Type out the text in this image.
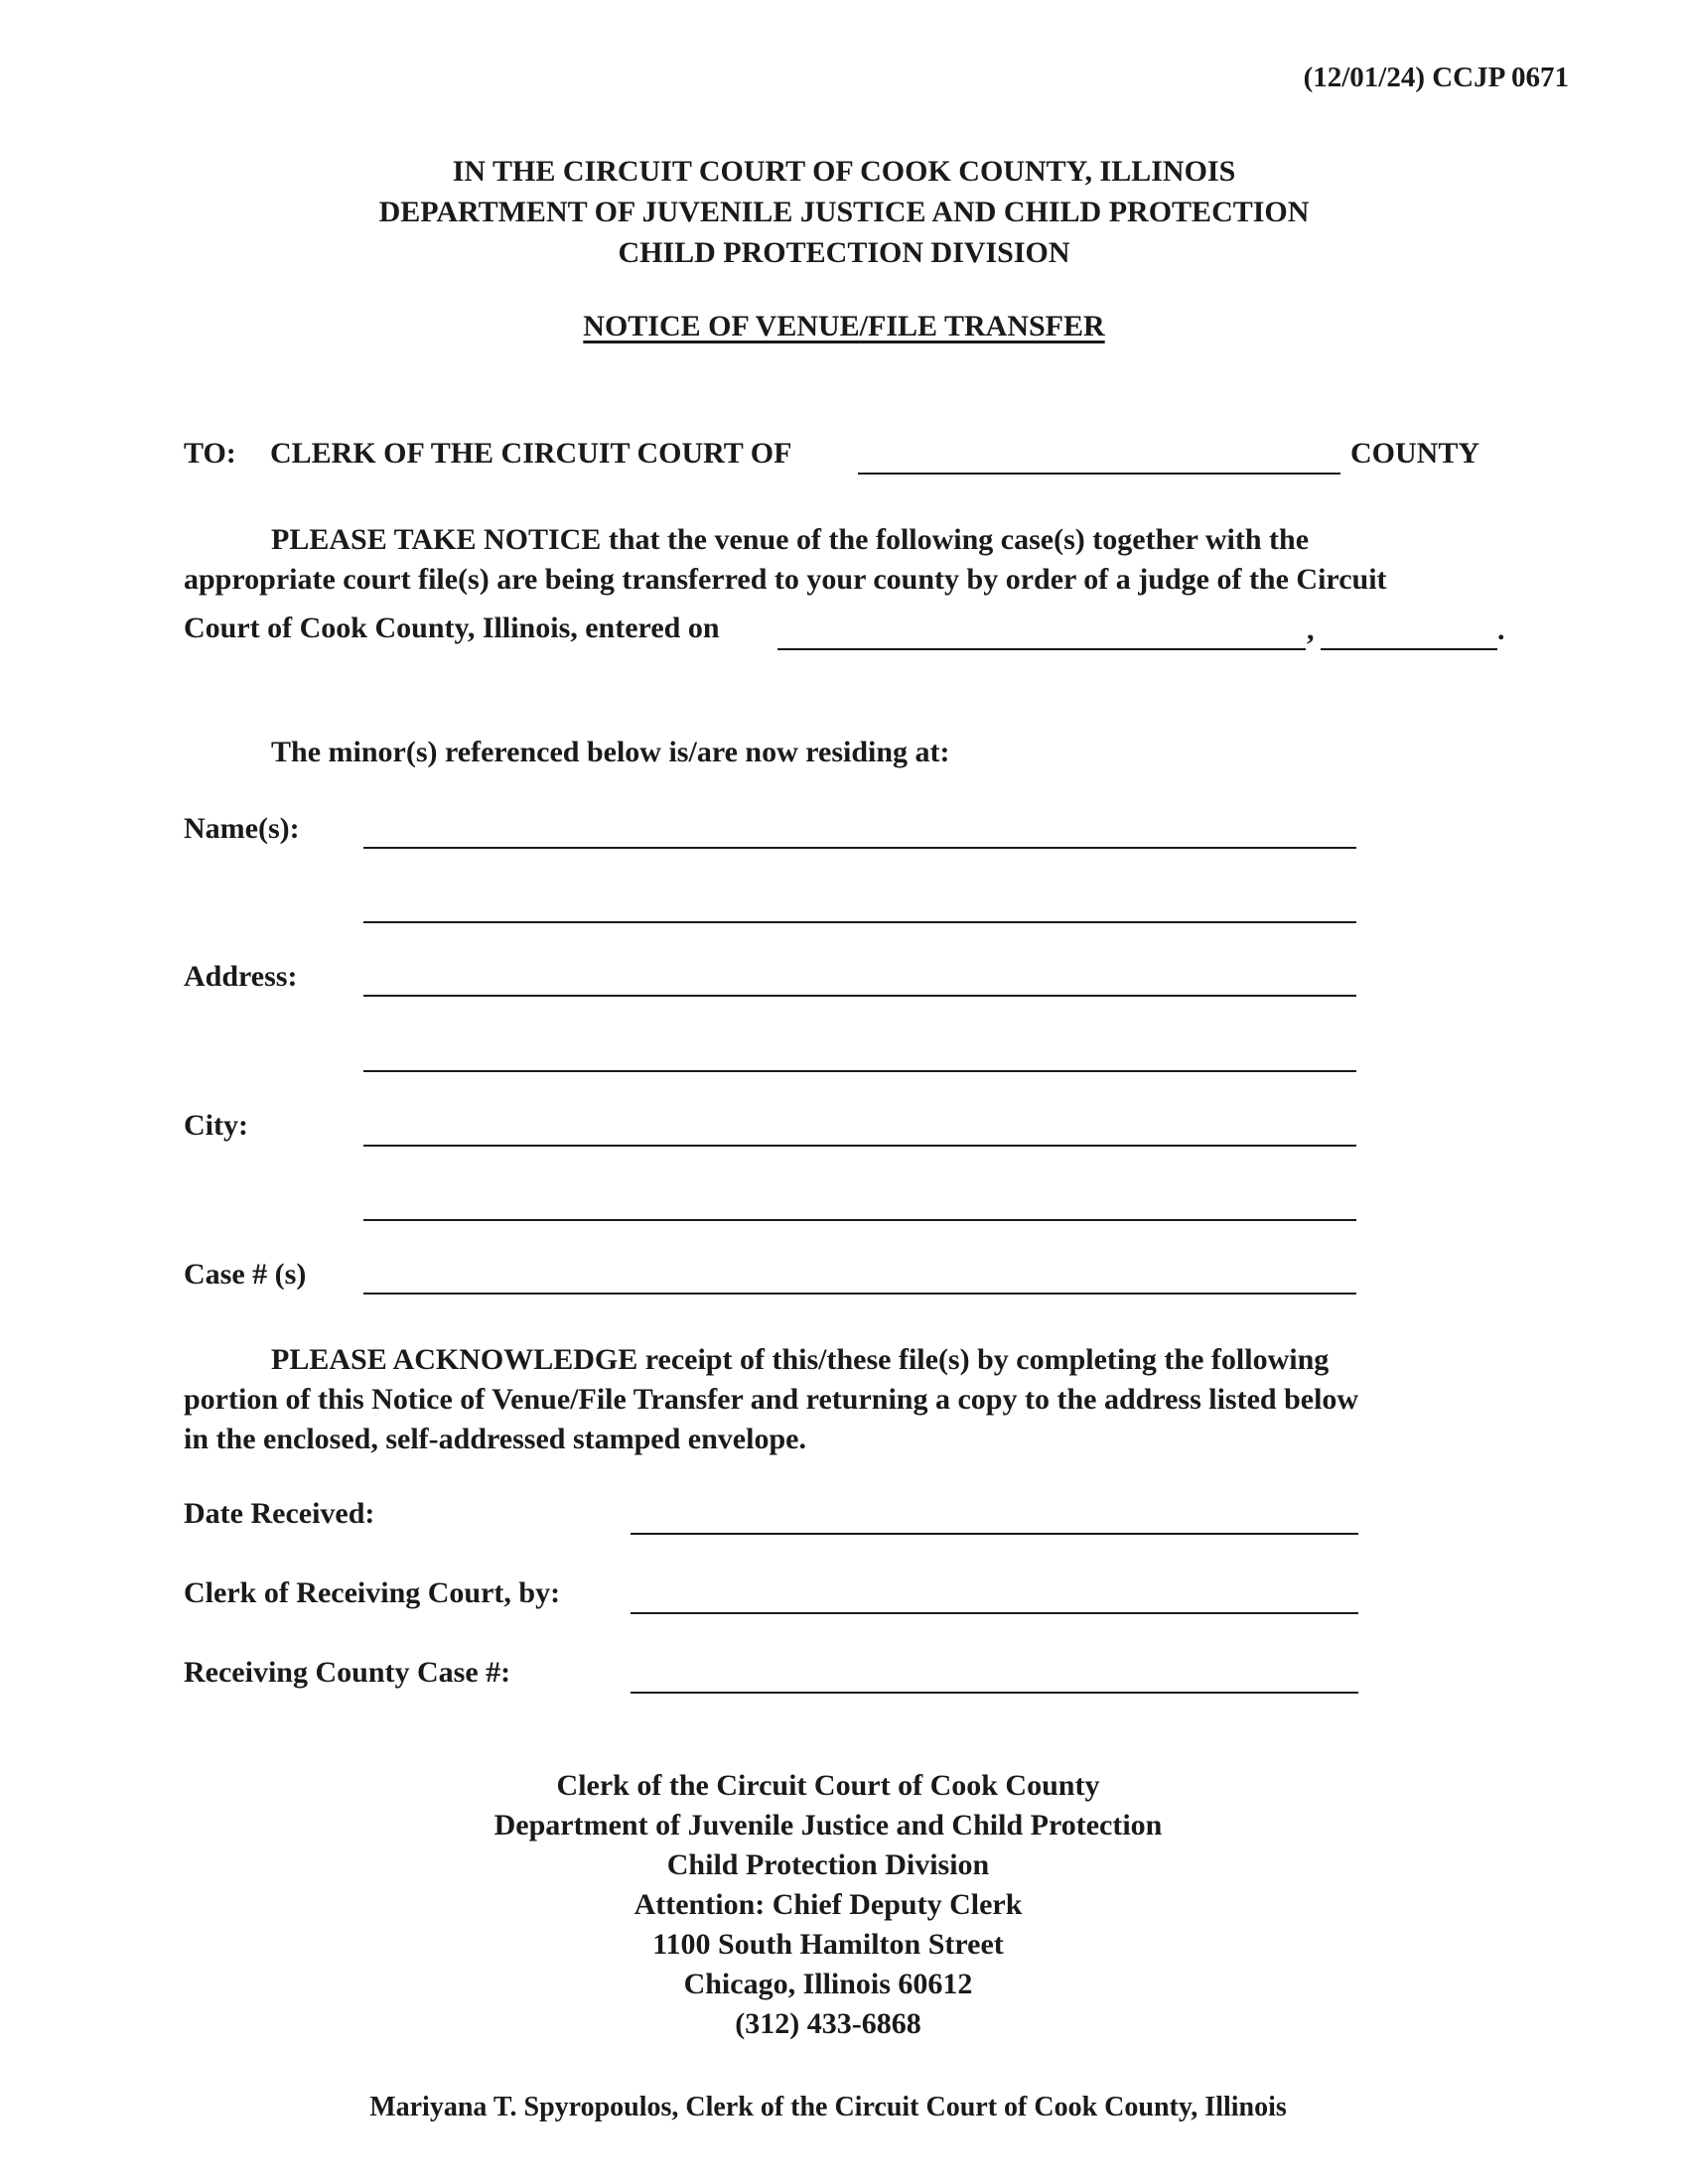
(12/01/24) CCJP 0671
IN THE CIRCUIT COURT OF COOK COUNTY, ILLINOIS
DEPARTMENT OF JUVENILE JUSTICE AND CHILD PROTECTION
CHILD PROTECTION DIVISION
NOTICE OF VENUE/FILE TRANSFER
TO: CLERK OF THE CIRCUIT COURT OF	COUNTY
PLEASE TAKE NOTICE that the venue of the following case(s) together with the
appropriate court file(s) are being transferred to your county by order of a judge of the Circuit
Court of Cook County, Illinois, entered on	,	.
The minor(s) referenced below is/are now residing at:
Name(s):
Address:
City:
Case # (s)
PLEASE ACKNOWLEDGE receipt of this/these file(s) by completing the following
portion of this Notice of Venue/File Transfer and returning a copy to the address listed below
in the enclosed, self-addressed stamped envelope.
Date Received:
Clerk of Receiving Court, by:
Receiving County Case #:
Clerk of the Circuit Court of Cook County
Department of Juvenile Justice and Child Protection
Child Protection Division
Attention: Chief Deputy Clerk
1100 South Hamilton Street
Chicago, Illinois 60612
(312) 433-6868
Mariyana T. Spyropoulos, Clerk of the Circuit Court of Cook County, Illinois
